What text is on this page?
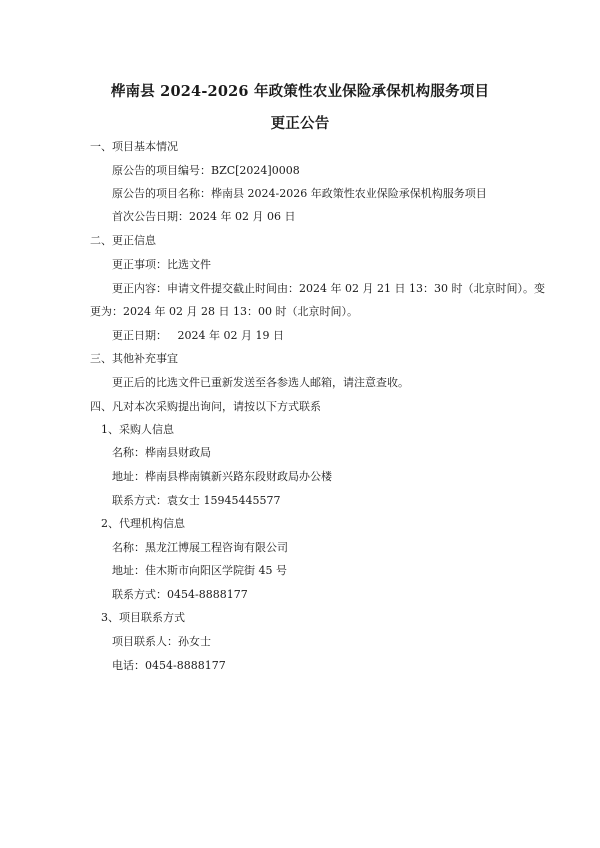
桦南县 2024-2026 年政策性农业保险承保机构服务项目
更正公告
一、项目基本情况
原公告的项目编号：BZC[2024]0008
原公告的项目名称：桦南县 2024-2026 年政策性农业保险承保机构服务项目
首次公告日期：2024 年 02 月 06 日
二、更正信息
更正事项：比选文件
更正内容：申请文件提交截止时间由：2024 年 02 月 21 日 13：30 时（北京时间）。变
更为：2024 年 02 月 28 日 13：00 时（北京时间）。
更正日期：   2024 年 02 月 19 日
三、其他补充事宜
更正后的比选文件已重新发送至各参选人邮箱，请注意查收。
四、凡对本次采购提出询问，请按以下方式联系
1、采购人信息
名称：桦南县财政局
地址：桦南县桦南镇新兴路东段财政局办公楼
联系方式：袁女士 15945445577
2、代理机构信息
名称：黑龙江博展工程咨询有限公司
地址：佳木斯市向阳区学院街 45 号
联系方式：0454-8888177
3、项目联系方式
项目联系人：孙女士
电话：0454-8888177
